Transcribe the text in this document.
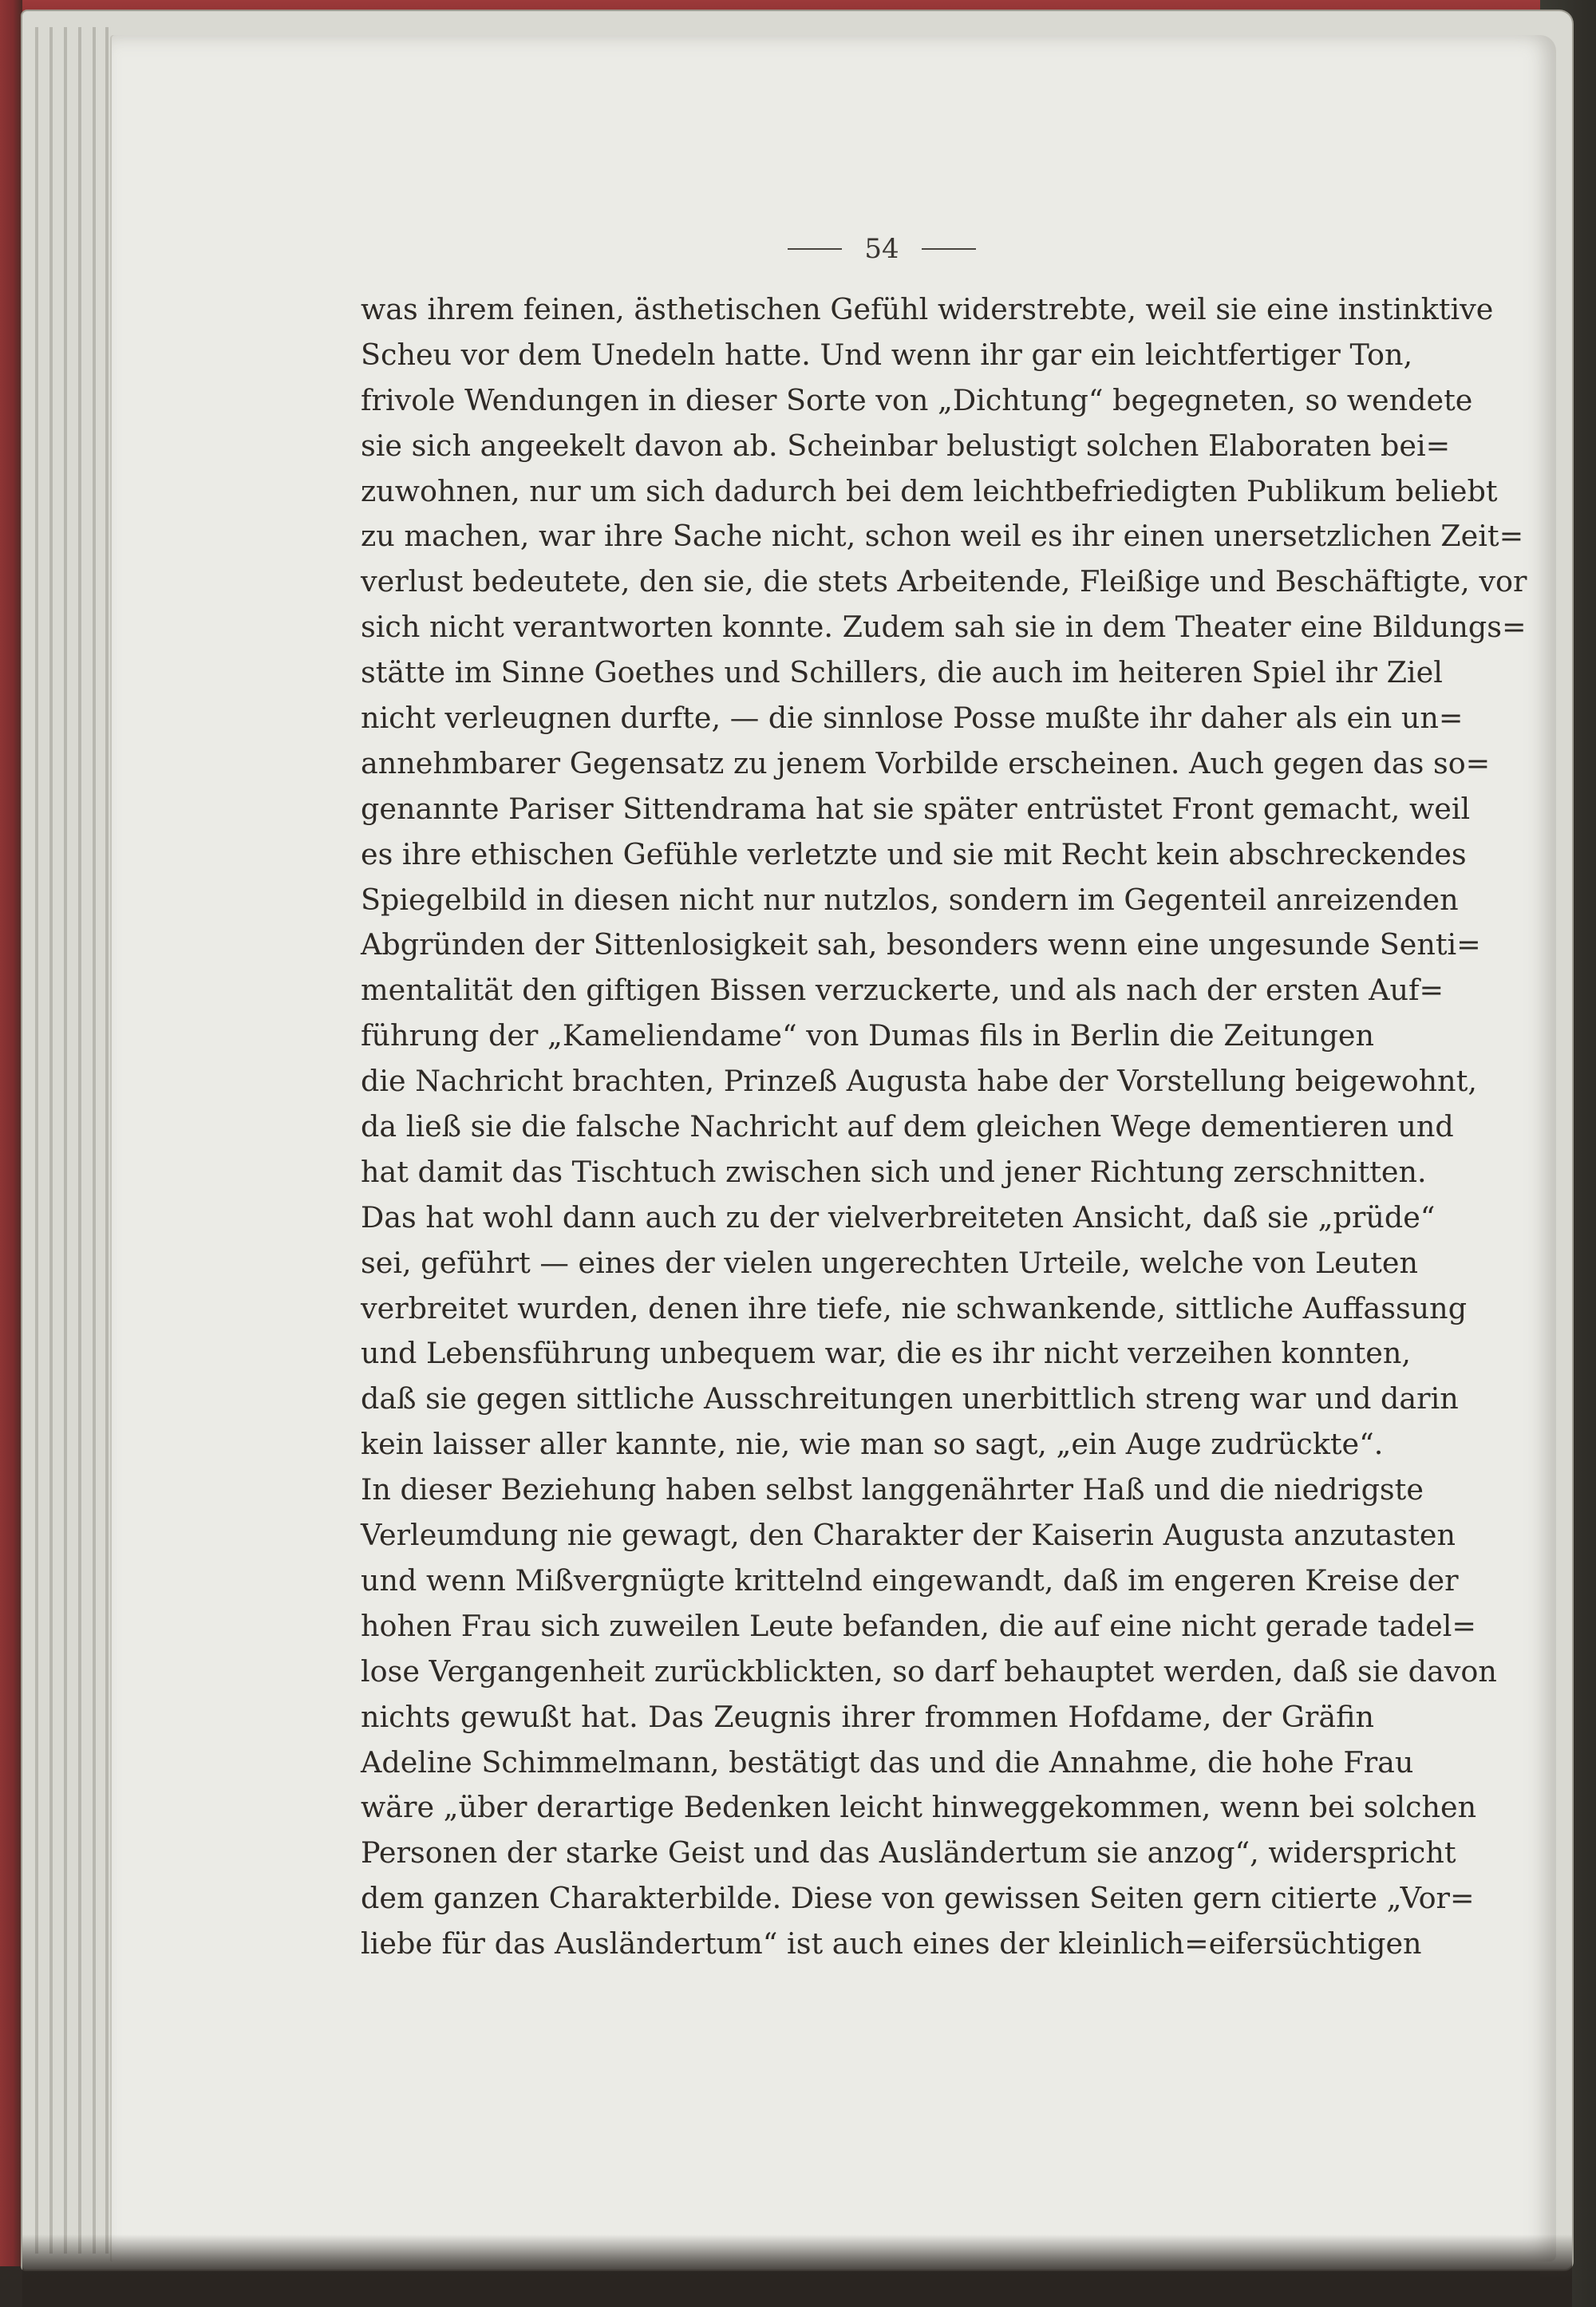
54
was ihrem feinen, ästhetischen Gefühl widerstrebte, weil sie eine instinktive
Scheu vor dem Unedeln hatte. Und wenn ihr gar ein leichtfertiger Ton,
frivole Wendungen in dieser Sorte von „Dichtung“ begegneten, so wendete
sie sich angeekelt davon ab. Scheinbar belustigt solchen Elaboraten bei=
zuwohnen, nur um sich dadurch bei dem leichtbefriedigten Publikum beliebt
zu machen, war ihre Sache nicht, schon weil es ihr einen unersetzlichen Zeit=
verlust bedeutete, den sie, die stets Arbeitende, Fleißige und Beschäftigte, vor
sich nicht verantworten konnte. Zudem sah sie in dem Theater eine Bildungs=
stätte im Sinne Goethes und Schillers, die auch im heiteren Spiel ihr Ziel
nicht verleugnen durfte, — die sinnlose Posse mußte ihr daher als ein un=
annehmbarer Gegensatz zu jenem Vorbilde erscheinen. Auch gegen das so=
genannte Pariser Sittendrama hat sie später entrüstet Front gemacht, weil
es ihre ethischen Gefühle verletzte und sie mit Recht kein abschreckendes
Spiegelbild in diesen nicht nur nutzlos, sondern im Gegenteil anreizenden
Abgründen der Sittenlosigkeit sah, besonders wenn eine ungesunde Senti=
mentalität den giftigen Bissen verzuckerte, und als nach der ersten Auf=
führung der „Kameliendame“ von Dumas fils in Berlin die Zeitungen
die Nachricht brachten, Prinzeß Augusta habe der Vorstellung beigewohnt,
da ließ sie die falsche Nachricht auf dem gleichen Wege dementieren und
hat damit das Tischtuch zwischen sich und jener Richtung zerschnitten.
Das hat wohl dann auch zu der vielverbreiteten Ansicht, daß sie „prüde“
sei, geführt — eines der vielen ungerechten Urteile, welche von Leuten
verbreitet wurden, denen ihre tiefe, nie schwankende, sittliche Auffassung
und Lebensführung unbequem war, die es ihr nicht verzeihen konnten,
daß sie gegen sittliche Ausschreitungen unerbittlich streng war und darin
kein laisser aller kannte, nie, wie man so sagt, „ein Auge zudrückte“.
In dieser Beziehung haben selbst langgenährter Haß und die niedrigste
Verleumdung nie gewagt, den Charakter der Kaiserin Augusta anzutasten
und wenn Mißvergnügte krittelnd eingewandt, daß im engeren Kreise der
hohen Frau sich zuweilen Leute befanden, die auf eine nicht gerade tadel=
lose Vergangenheit zurückblickten, so darf behauptet werden, daß sie davon
nichts gewußt hat. Das Zeugnis ihrer frommen Hofdame, der Gräfin
Adeline Schimmelmann, bestätigt das und die Annahme, die hohe Frau
wäre „über derartige Bedenken leicht hinweggekommen, wenn bei solchen
Personen der starke Geist und das Ausländertum sie anzog“, widerspricht
dem ganzen Charakterbilde. Diese von gewissen Seiten gern citierte „Vor=
liebe für das Ausländertum“ ist auch eines der kleinlich=eifersüchtigen
